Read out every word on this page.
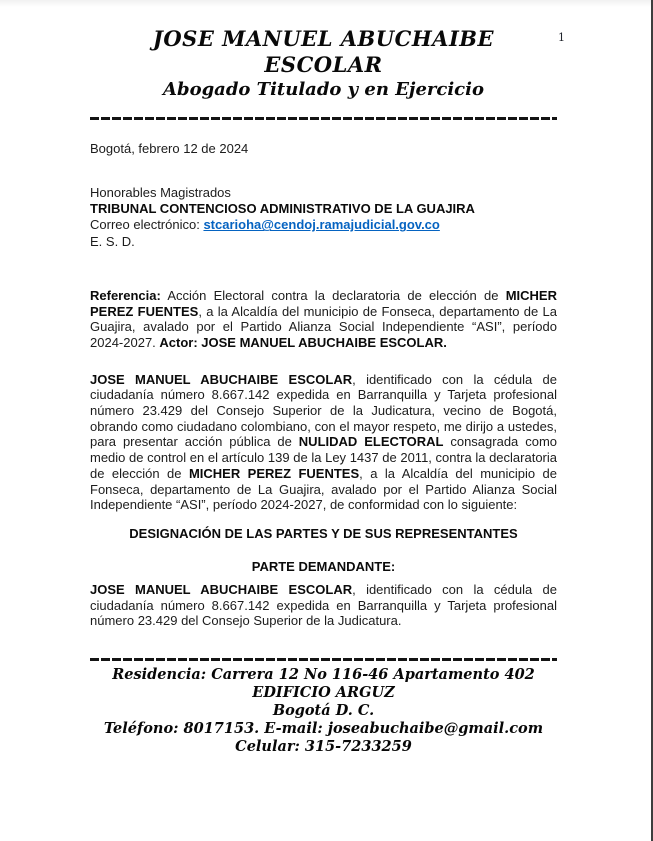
1
JOSE MANUEL ABUCHAIBE ESCOLAR
Abogado Titulado y en Ejercicio

Bogotá, febrero 12 de 2024

Honorables Magistrados

TRIBUNAL CONTENCIOSO ADMINISTRATIVO DE LA GUAJIRA

Correo electrónico: stcarioha@cendoj.ramajudicial.gov.co

E. S. D.

Referencia: Acción Electoral contra la declaratoria de elección de MICHER PEREZ FUENTES, a la Alcaldía del municipio de Fonseca, departamento de La Guajira, avalado por el Partido Alianza Social Independiente “ASI”, período 2024-2027. Actor: JOSE MANUEL ABUCHAIBE ESCOLAR.

JOSE MANUEL ABUCHAIBE ESCOLAR, identificado con la cédula de ciudadanía número 8.667.142 expedida en Barranquilla y Tarjeta profesional número 23.429 del Consejo Superior de la Judicatura, vecino de Bogotá, obrando como ciudadano colombiano, con el mayor respeto, me dirijo a ustedes, para presentar acción pública de NULIDAD ELECTORAL consagrada como medio de control en el artículo 139 de la Ley 1437 de 2011, contra la declaratoria de elección de MICHER PEREZ FUENTES, a la Alcaldía del municipio de Fonseca, departamento de La Guajira, avalado por el Partido Alianza Social Independiente “ASI”, período 2024-2027, de conformidad con lo siguiente:

DESIGNACIÓN DE LAS PARTES Y DE SUS REPRESENTANTES
PARTE DEMANDANTE:

JOSE MANUEL ABUCHAIBE ESCOLAR, identificado con la cédula de ciudadanía número 8.667.142 expedida en Barranquilla y Tarjeta profesional número 23.429 del Consejo Superior de la Judicatura.

Residencia: Carrera 12 No 116-46 Apartamento 402 EDIFICIO ARGUZ

Bogotá D. C.

Teléfono: 8017153. E-mail: joseabuchaibe@gmail.com

Celular: 315-7233259
